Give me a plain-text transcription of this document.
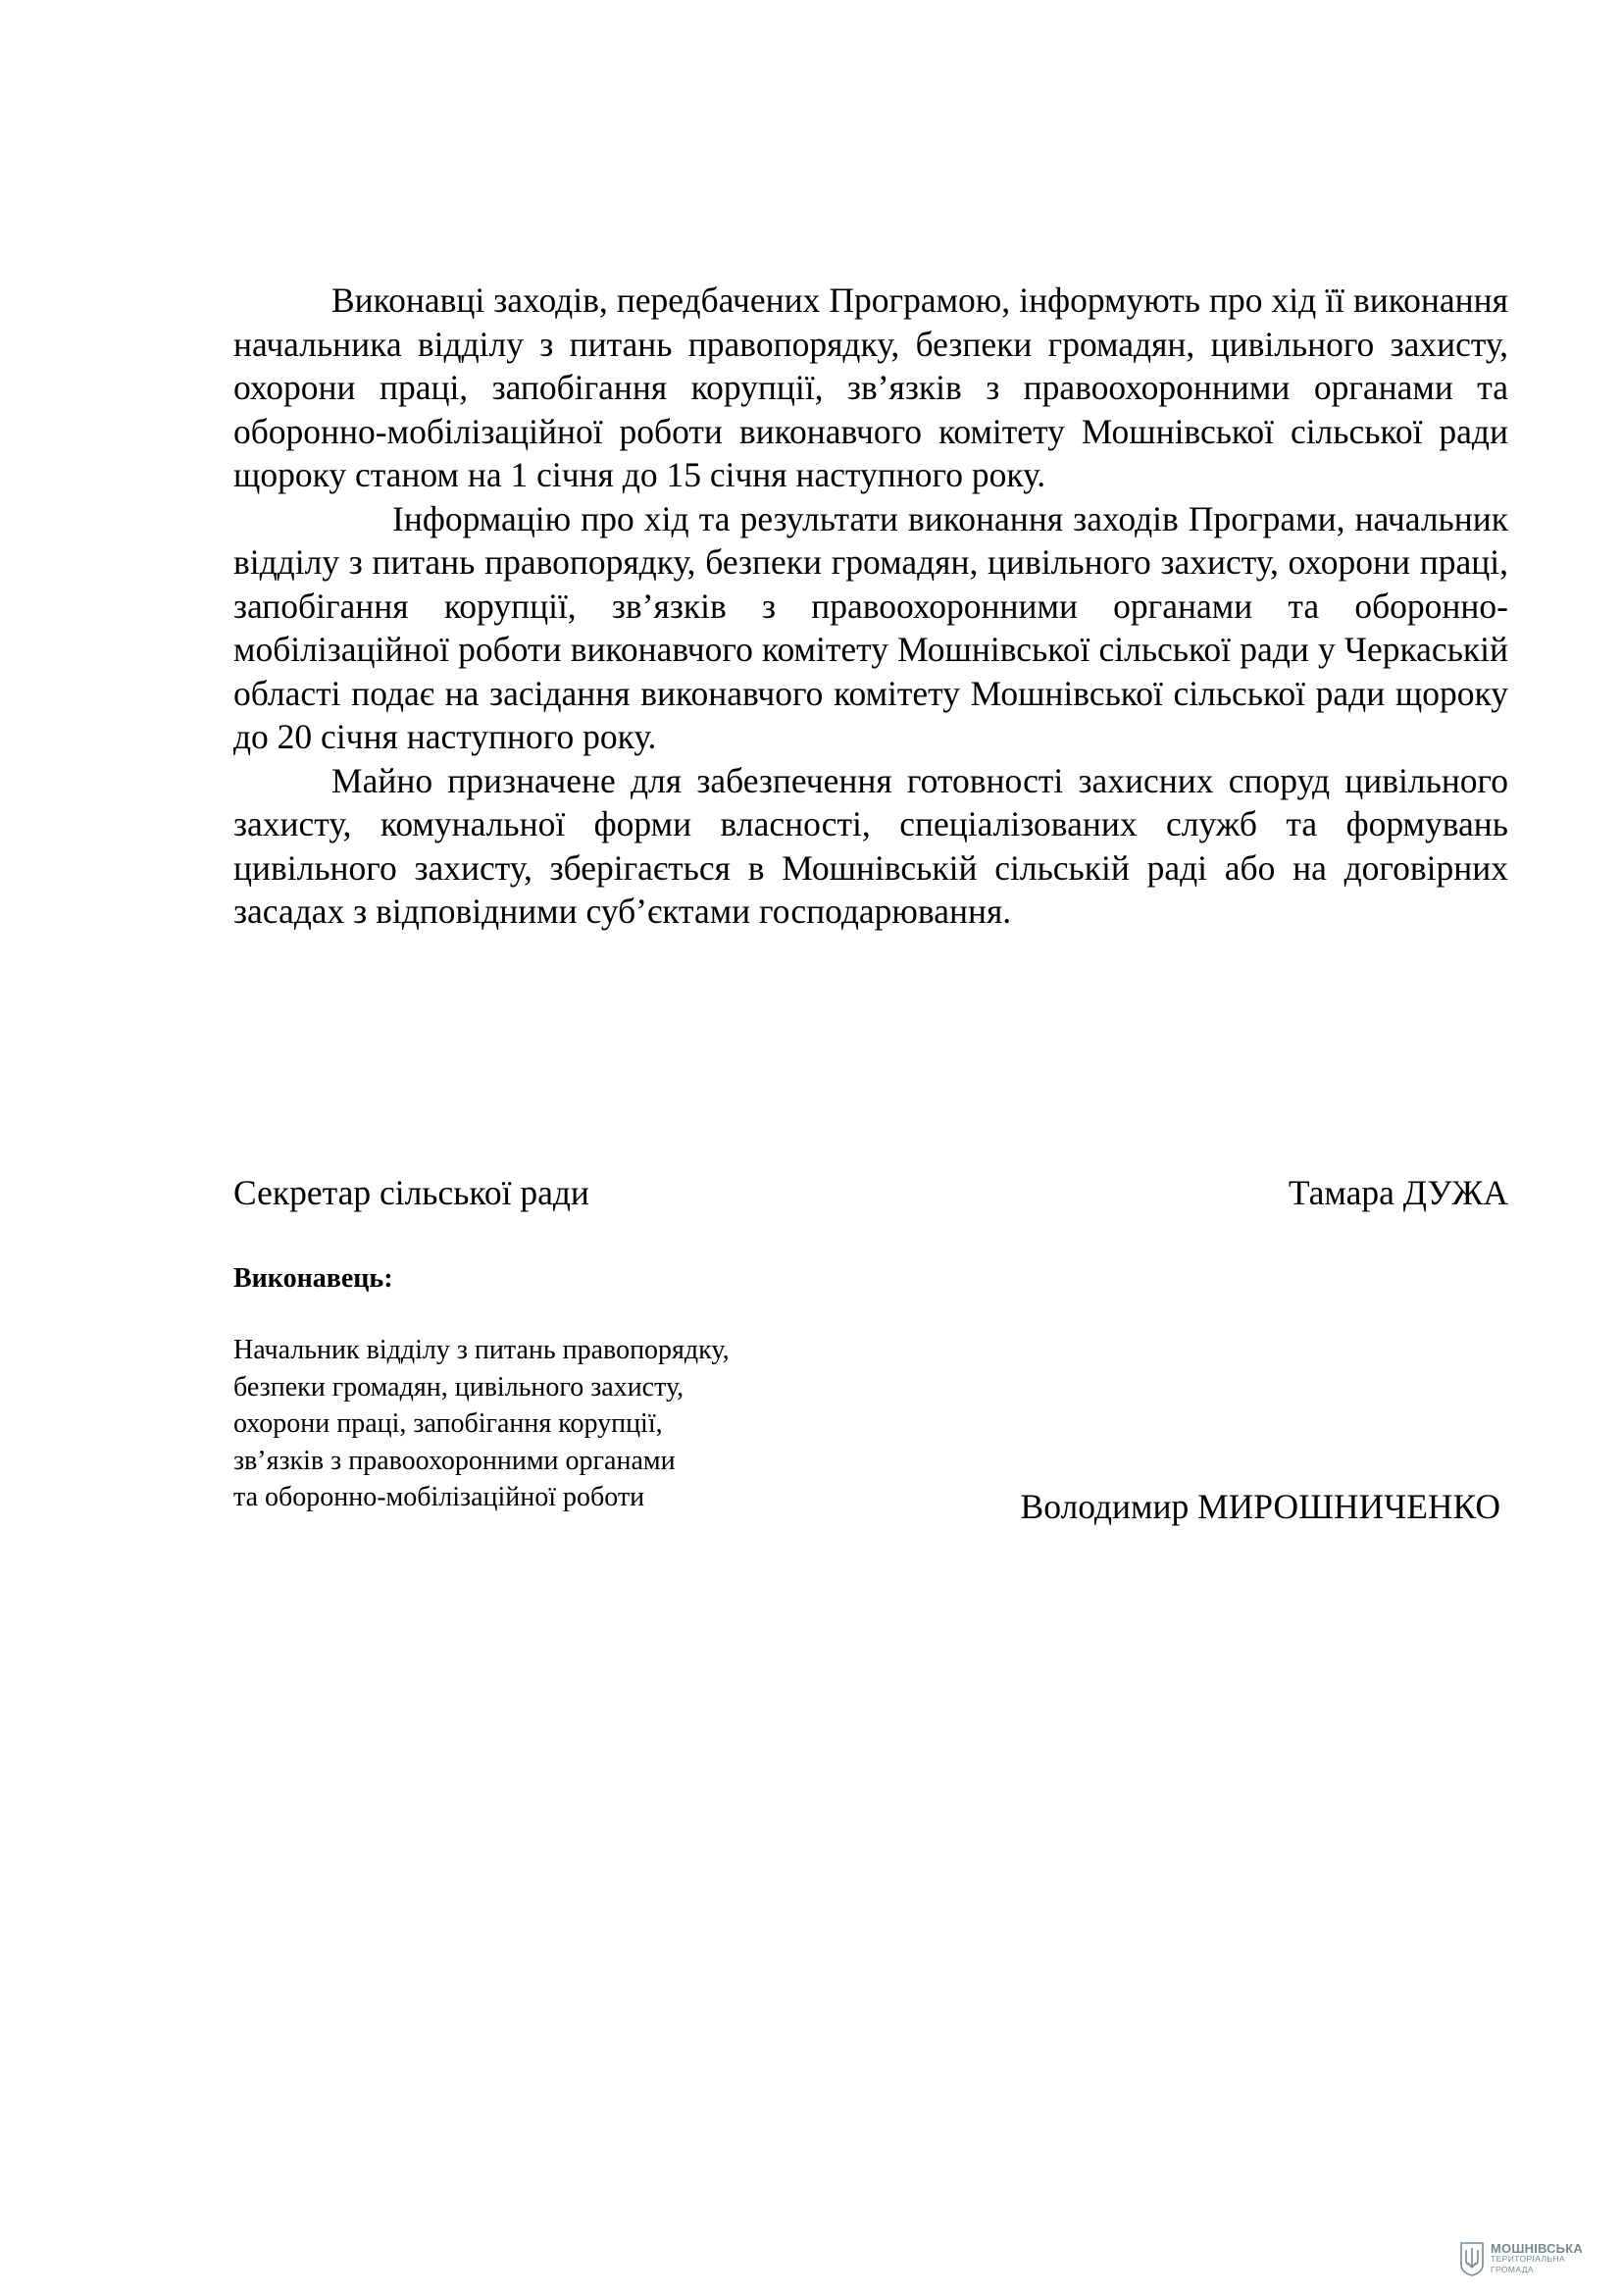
Виконавці заходів, передбачених Програмою, інформують про хід її виконання начальника відділу з питань правопорядку, безпеки громадян, цивільного захисту, охорони праці, запобігання корупції, зв’язків з правоохоронними органами та оборонно-мобілізаційної роботи виконавчого комітету Мошнівської сільської ради щороку станом на 1 січня до 15 січня наступного року.

Інформацію про хід та результати виконання заходів Програми, начальник відділу з питань правопорядку, безпеки громадян, цивільного захисту, охорони праці, запобігання корупції, зв’язків з правоохоронними органами та оборонно-мобілізаційної роботи виконавчого комітету Мошнівської сільської ради у Черкаській області подає на засідання виконавчого комітету Мошнівської сільської ради щороку до 20 січня наступного року.

Майно призначене для забезпечення готовності захисних споруд цивільного захисту, комунальної форми власності, спеціалізованих служб та формувань цивільного захисту, зберігається в Мошнівській сільській раді або на договірних засадах з відповідними суб’єктами господарювання.

Секретар сільської ради	Тамара ДУЖА
Виконавець:
Начальник відділу з питань правопорядку,
безпеки громадян, цивільного захисту,
охорони праці, запобігання корупції,
зв’язків з правоохоронними органами
та оборонно-мобілізаційної роботи	Володимир МИРОШНИЧЕНКО
МОШНІВСЬКА
ТЕРИТОРІАЛЬНА
ГРОМАДА
